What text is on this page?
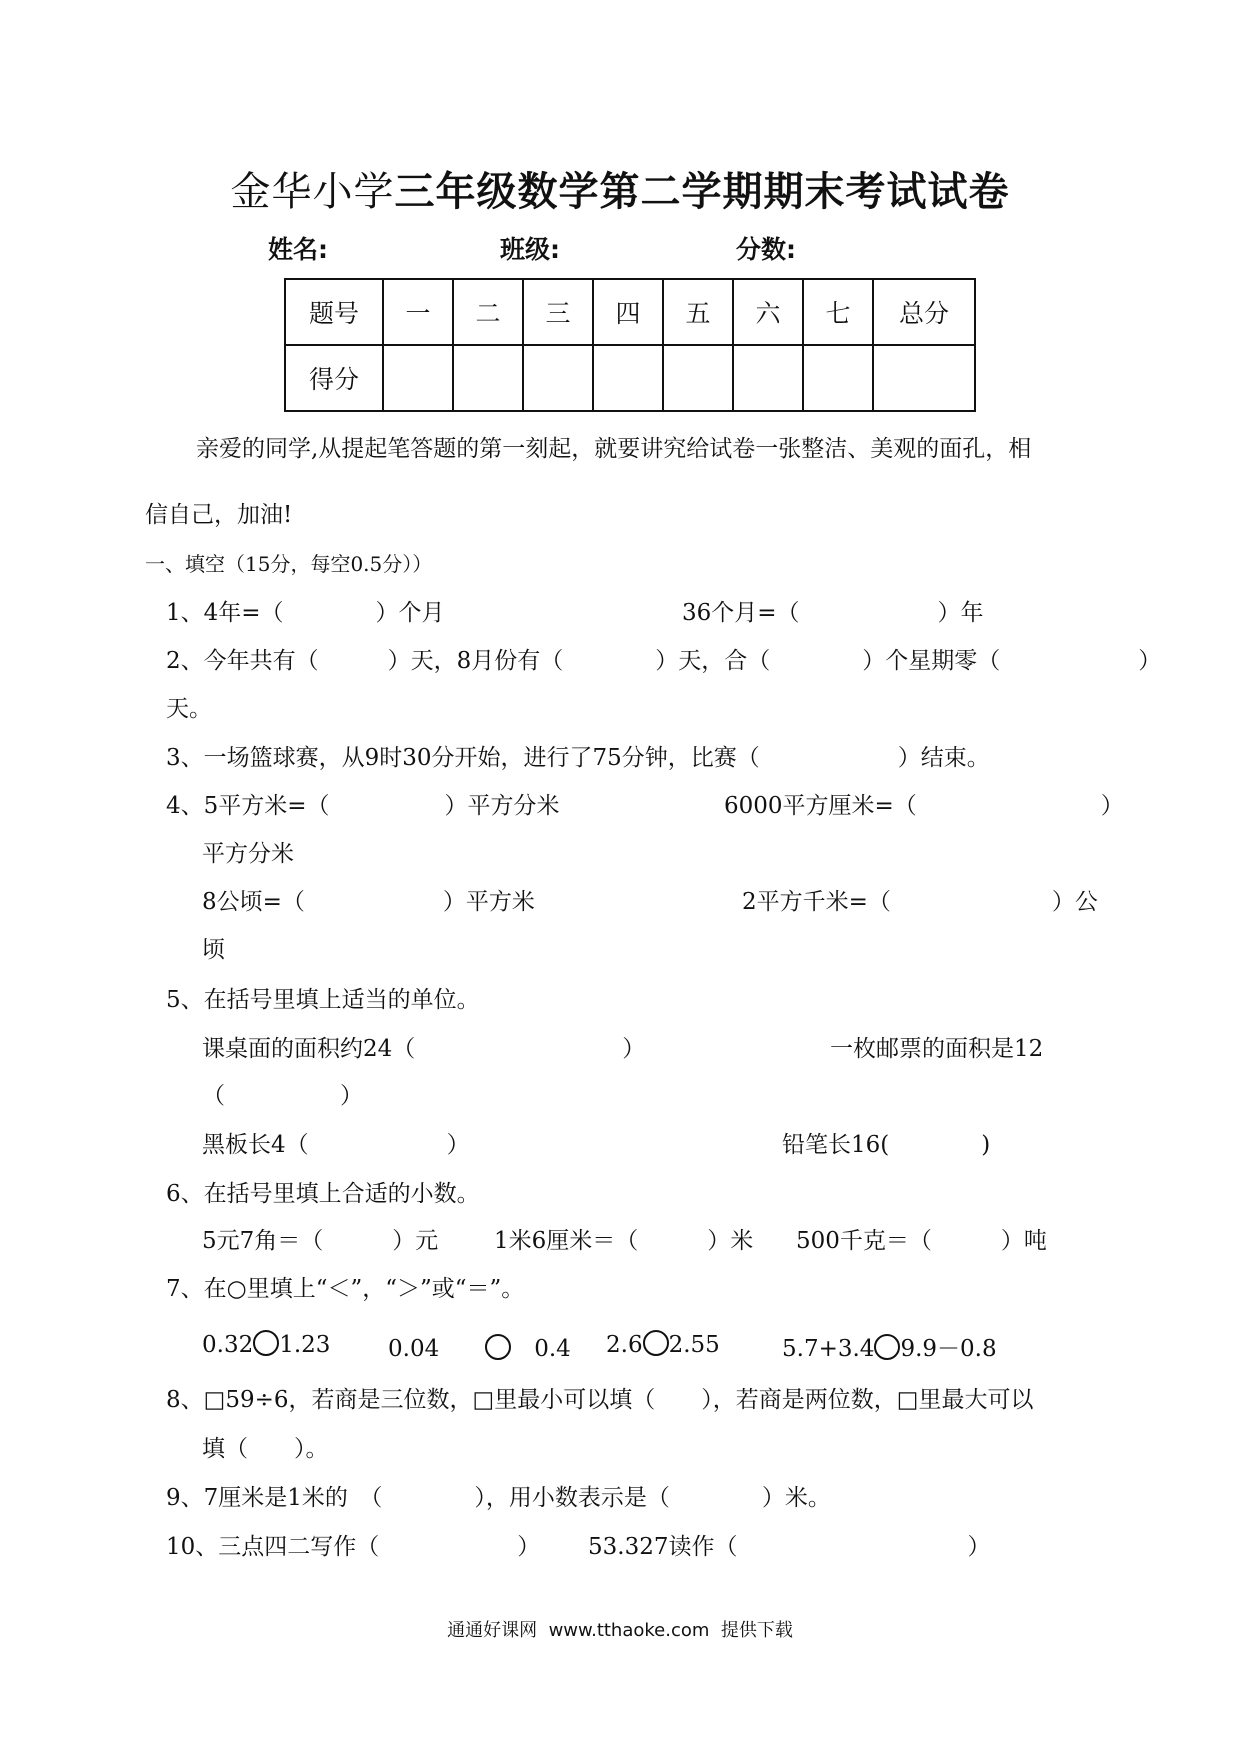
金华小学三年级数学第二学期期末考试试卷
姓名:	班级:	分数:
题号	一	二	三	四	五	六	七	总分
得分								
亲爱的同学,从提起笔答题的第一刻起，就要讲究给试卷一张整洁、美观的面孔，相
信自己，加油!
一、填空（15分，每空0.5分））
1、4年=（　　　　）个月	36个月=（　　　　　　）年
2、今年共有（　　　）天，8月份有（　　　　）天，合（　　　　）个星期零（　　　　　　）
天。
3、一场篮球赛，从9时30分开始，进行了75分钟，比赛（　　　　　　）结束。
4、5平方米=（　　　　　）平方分米	6000平方厘米=（　　　　　　　　）
平方分米
8公顷=（　　　　　　）平方米	2平方千米=（　　　　　　　）公
顷
5、在括号里填上适当的单位。
课桌面的面积约24（　　　　　　　　　）	一枚邮票的面积是12
（　　　　　）
黑板长4（　　　　　　）	铅笔长16(　　　　)
6、在括号里填上合适的小数。
5元7角＝（　　　）元 1米6厘米＝（　　　）米 500千克＝（　　　）吨
7、在○里填上“＜”，“＞”或“＝”。
0.32 1.23	0.04　　　	0.4 2.6 2.55	5.7+3.4 9.9－0.8
8、□59÷6，若商是三位数，□里最小可以填（　　），若商是两位数，□里最大可以
填（　　）。
9、7厘米是1米的　（　　　　），用小数表示是（　　　　）米。
10、三点四二写作（　　　　　　） 53.327读作（　　　　　　　　　　）
通通好课网  www.tthaoke.com  提供下载
